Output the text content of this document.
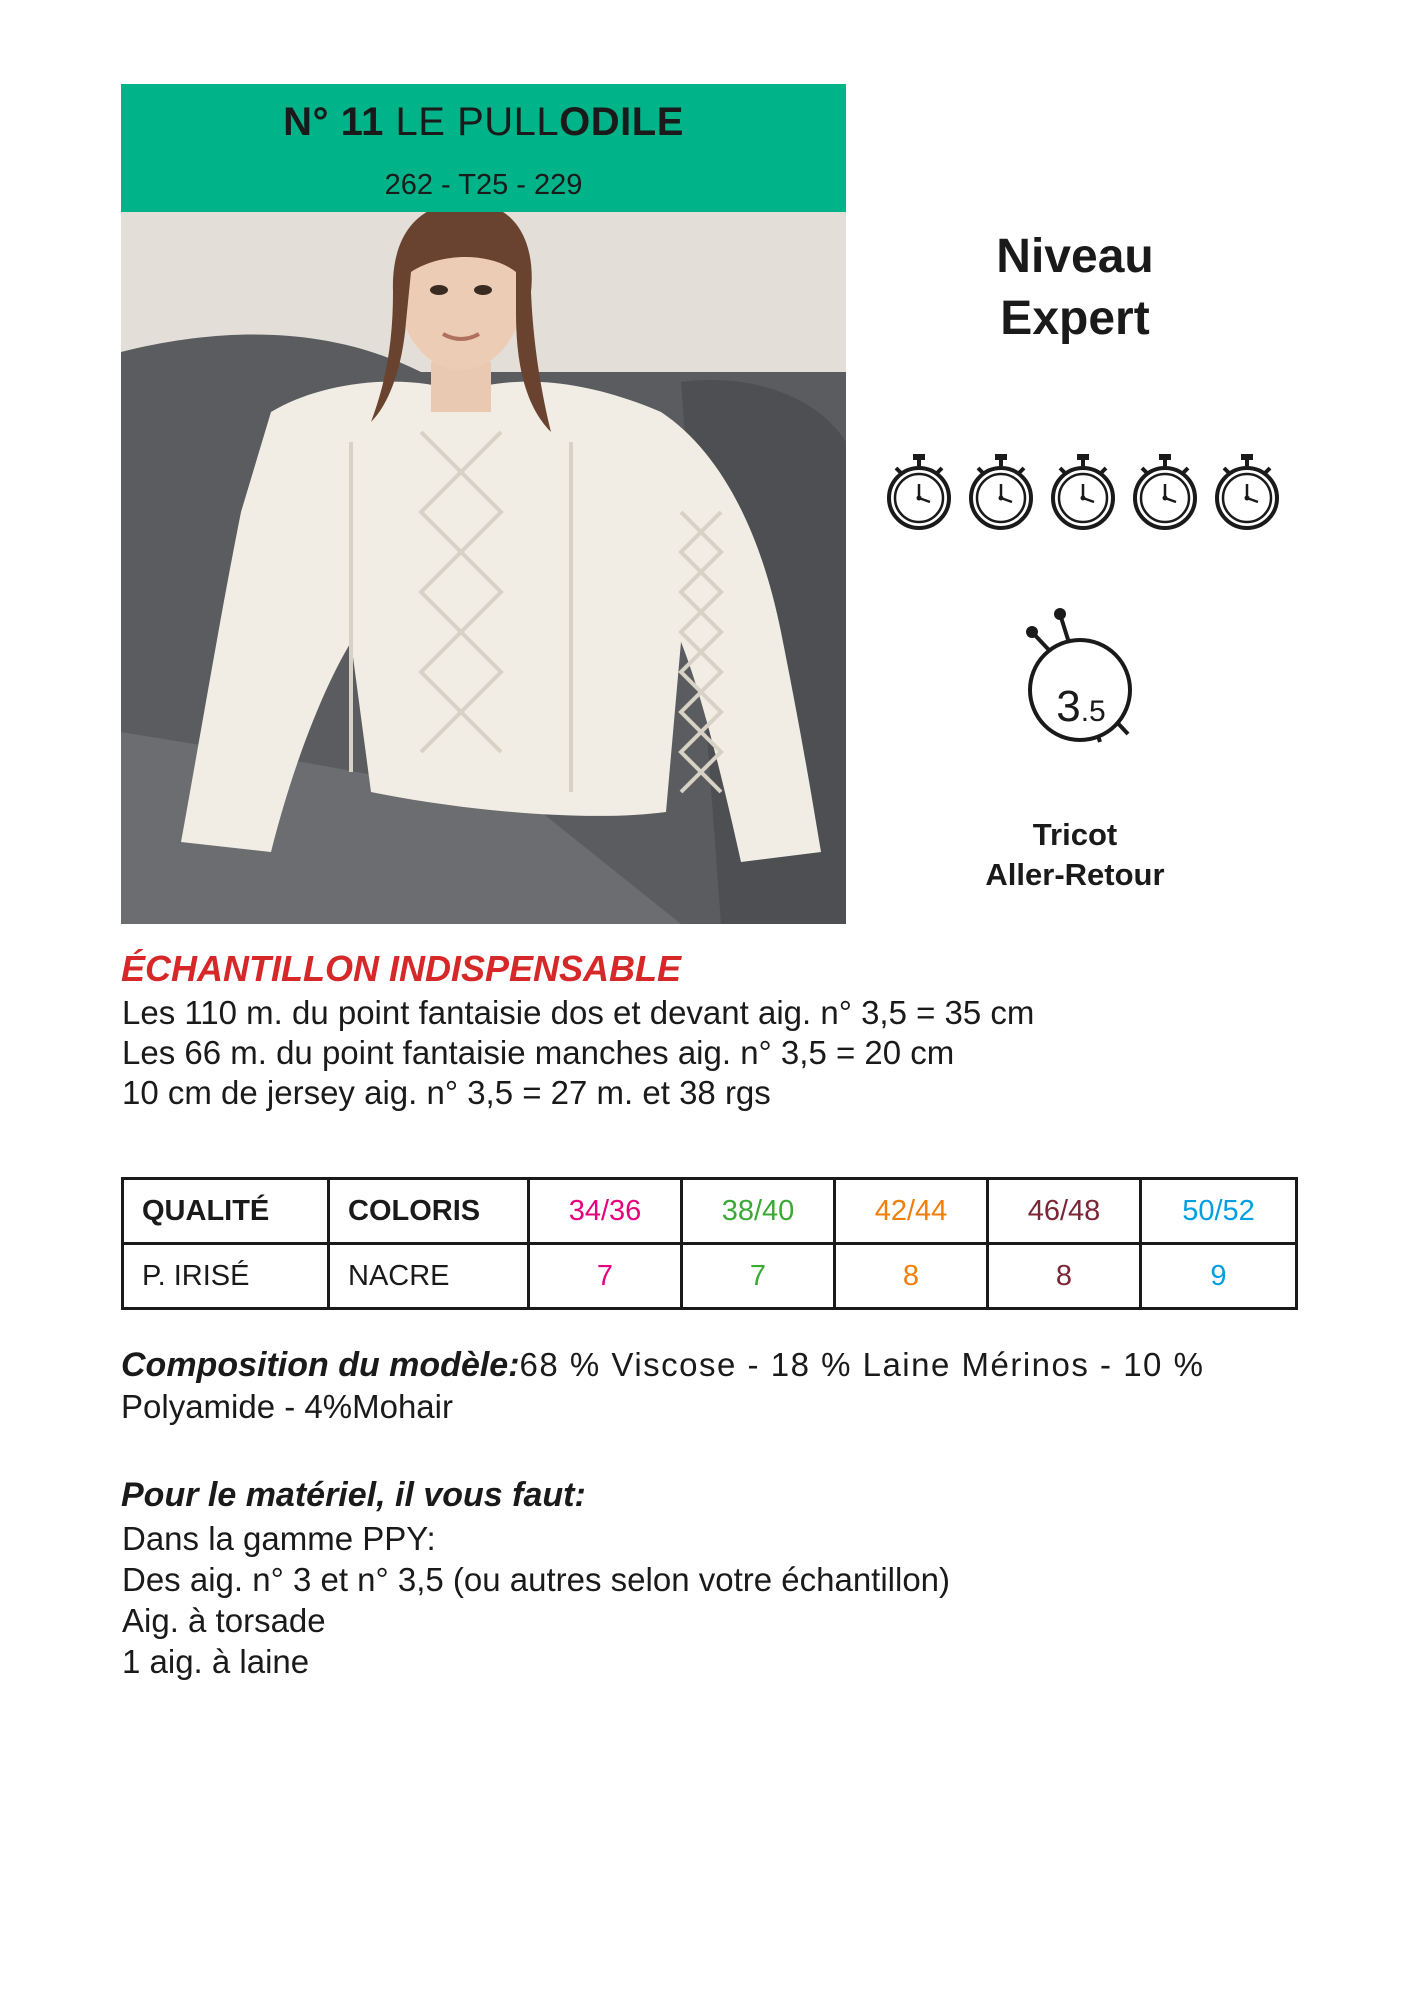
N° 11 LE PULLODILE
262 - T25 - 229
Niveau
Expert
3.5
Tricot
Aller-Retour
ÉCHANTILLON INDISPENSABLE
Les 110 m. du point fantaisie dos et devant aig. n° 3,5 = 35 cm
Les 66 m. du point fantaisie manches aig. n° 3,5 = 20 cm
10 cm de jersey aig. n° 3,5 = 27 m. et 38 rgs
QUALITÉ	COLORIS	34/36	38/40	42/44	46/48	50/52
P. IRISÉ	NACRE	7	7	8	8	9
Composition du modèle:68 % Viscose - 18 % Laine Mérinos - 10 %
Polyamide - 4%Mohair
Pour le matériel, il vous faut:
Dans la gamme PPY:
Des aig. n° 3 et n° 3,5 (ou autres selon votre échantillon)
Aig. à torsade
1 aig. à laine
